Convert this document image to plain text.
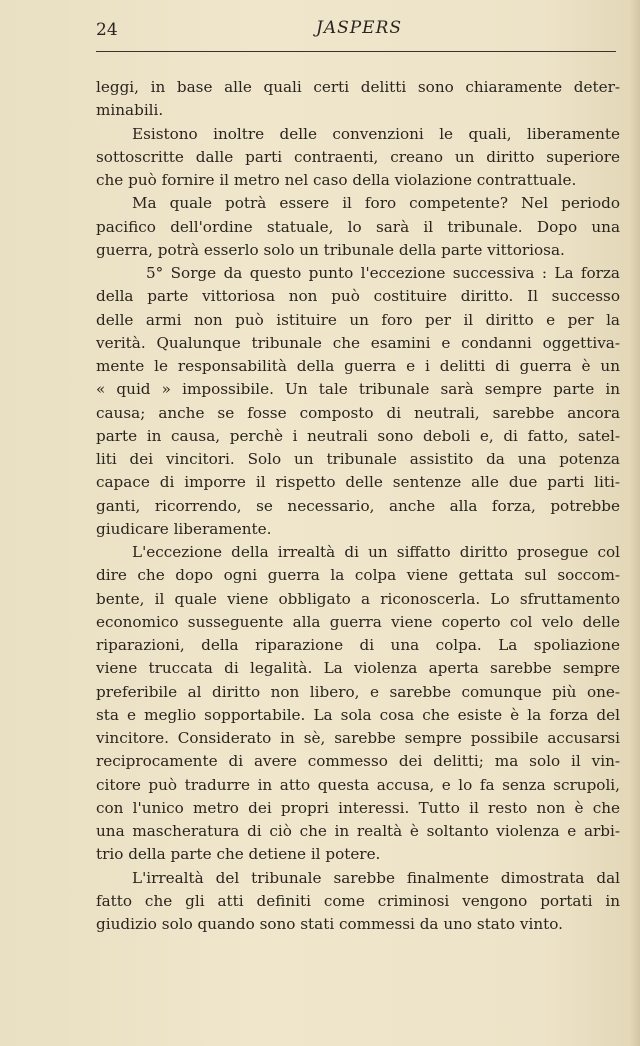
24	JASPERS
leggi, in base alle quali certi delitti sono chiaramente deter-
minabili.
Esistono inoltre delle convenzioni le quali, liberamente
sottoscritte dalle parti contraenti, creano un diritto superiore
che può fornire il metro nel caso della violazione contrattuale.
Ma quale potrà essere il foro competente? Nel periodo
pacifico dell'ordine statuale, lo sarà il tribunale. Dopo una
guerra, potrà esserlo solo un tribunale della parte vittoriosa.
5° Sorge da questo punto l'eccezione successiva : La forza
della parte vittoriosa non può costituire diritto. Il successo
delle armi non può istituire un foro per il diritto e per la
verità. Qualunque tribunale che esamini e condanni oggettiva-
mente le responsabilità della guerra e i delitti di guerra è un
« quid » impossibile. Un tale tribunale sarà sempre parte in
causa; anche se fosse composto di neutrali, sarebbe ancora
parte in causa, perchè i neutrali sono deboli e, di fatto, satel-
liti dei vincitori. Solo un tribunale assistito da una potenza
capace di imporre il rispetto delle sentenze alle due parti liti-
ganti, ricorrendo, se necessario, anche alla forza, potrebbe
giudicare liberamente.
L'eccezione della irrealtà di un siffatto diritto prosegue col
dire che dopo ogni guerra la colpa viene gettata sul soccom-
bente, il quale viene obbligato a riconoscerla. Lo sfruttamento
economico susseguente alla guerra viene coperto col velo delle
riparazioni, della riparazione di una colpa. La spoliazione
viene truccata di legalità. La violenza aperta sarebbe sempre
preferibile al diritto non libero, e sarebbe comunque più one-
sta e meglio sopportabile. La sola cosa che esiste è la forza del
vincitore. Considerato in sè, sarebbe sempre possibile accusarsi
reciprocamente di avere commesso dei delitti; ma solo il vin-
citore può tradurre in atto questa accusa, e lo fa senza scrupoli,
con l'unico metro dei propri interessi. Tutto il resto non è che
una mascheratura di ciò che in realtà è soltanto violenza e arbi-
trio della parte che detiene il potere.
L'irrealtà del tribunale sarebbe finalmente dimostrata dal
fatto che gli atti definiti come criminosi vengono portati in
giudizio solo quando sono stati commessi da uno stato vinto.
